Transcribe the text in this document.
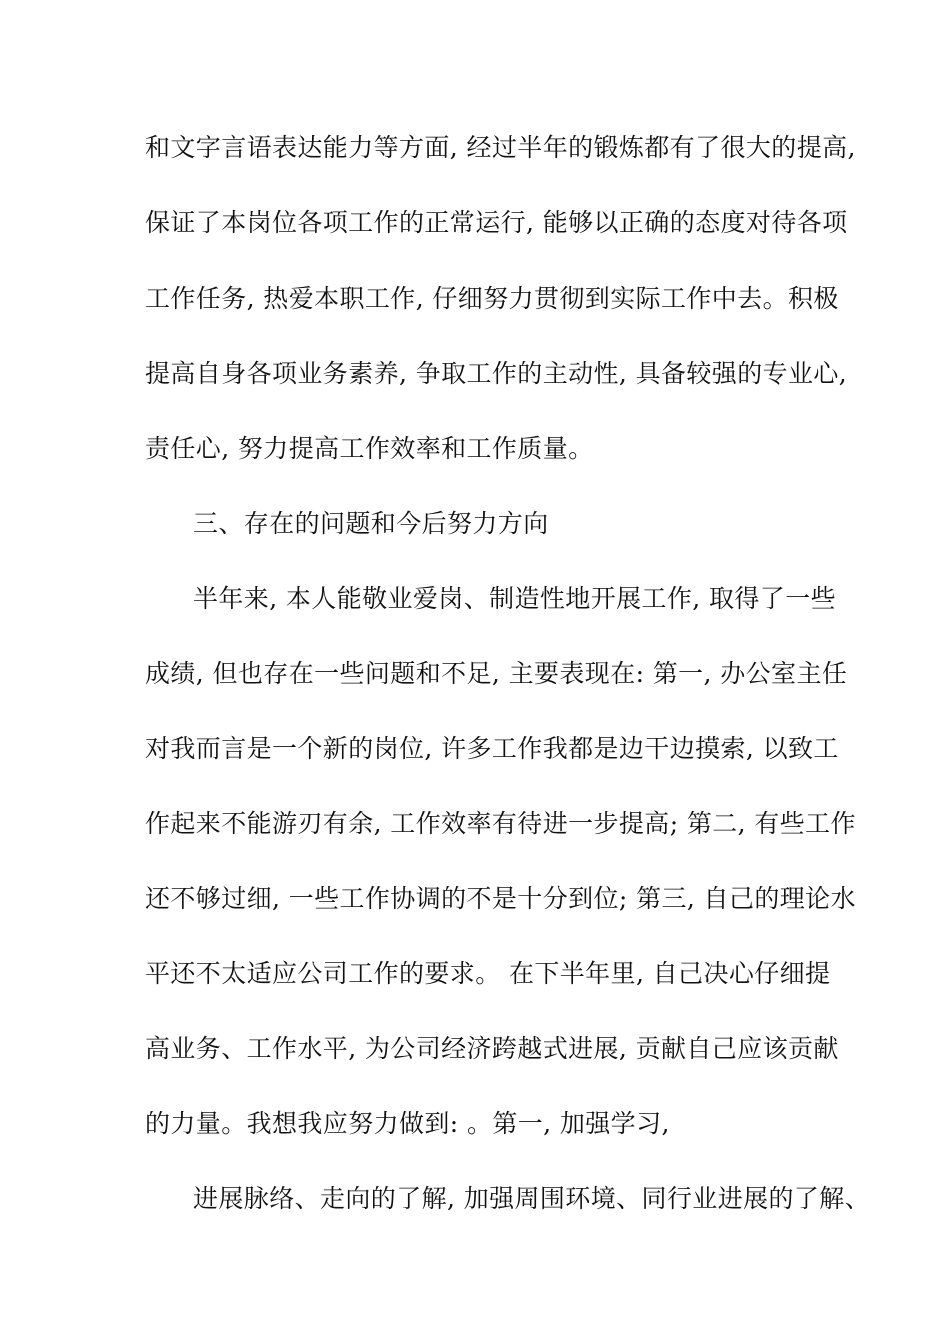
和文字言语表达能力等方面, 经过半年的锻炼都有了很大的提高,
保证了本岗位各项工作的正常运行, 能够以正确的态度对待各项
工作任务, 热爱本职工作, 仔细努力贯彻到实际工作中去。积极
提高自身各项业务素养, 争取工作的主动性, 具备较强的专业心,
责任心, 努力提高工作效率和工作质量。
三、存在的问题和今后努力方向
半年来, 本人能敬业爱岗、制造性地开展工作, 取得了一些
成绩, 但也存在一些问题和不足, 主要表现在: 第一, 办公室主任
对我而言是一个新的岗位, 许多工作我都是边干边摸索, 以致工
作起来不能游刃有余, 工作效率有待进一步提高; 第二, 有些工作
还不够过细, 一些工作协调的不是十分到位; 第三, 自己的理论水
平还不太适应公司工作的要求。 在下半年里, 自己决心仔细提
高业务、工作水平, 为公司经济跨越式进展, 贡献自己应该贡献
的力量。我想我应努力做到: 。第一, 加强学习,
进展脉络、走向的了解, 加强周围环境、同行业进展的了解、
